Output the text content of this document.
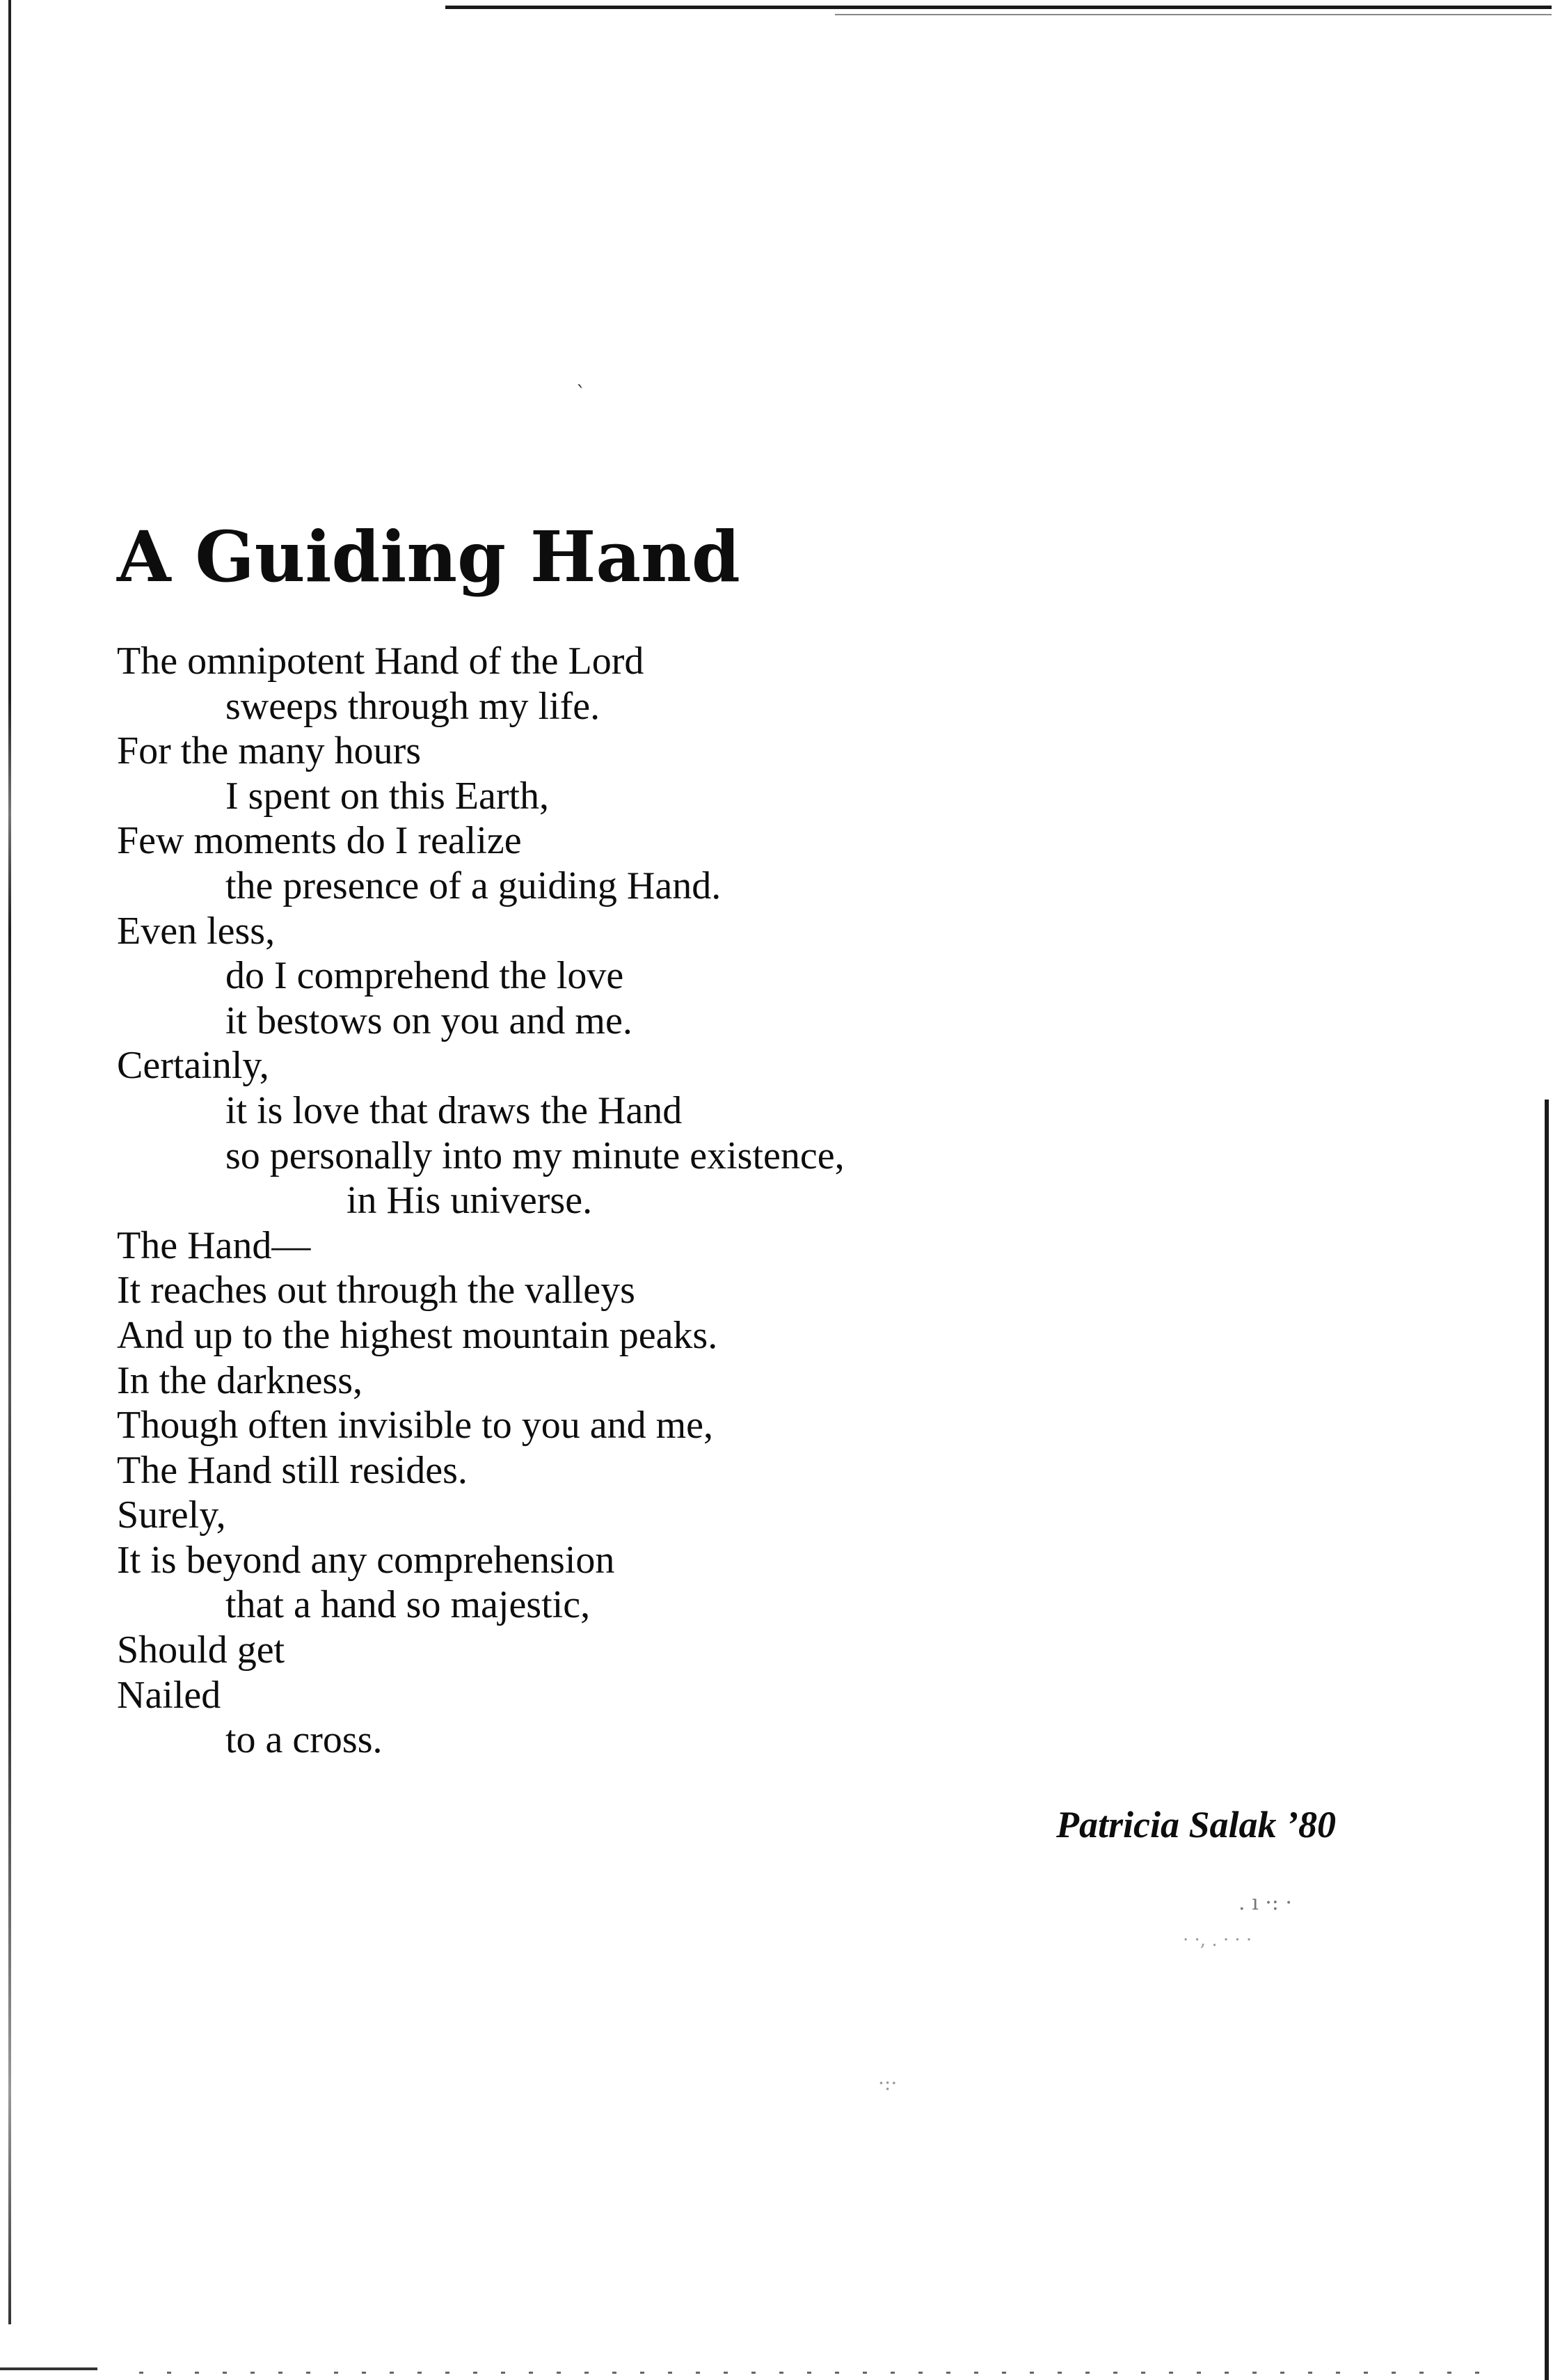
`
. ı ·: ·
· ·, . · · ·
·:·
A Guiding Hand
The omnipotent Hand of the Lord
sweeps through my life.
For the many hours
I spent on this Earth,
Few moments do I realize
the presence of a guiding Hand.
Even less,
do I comprehend the love
it bestows on you and me.
Certainly,
it is love that draws the Hand
so personally into my minute existence,
in His universe.
The Hand—
It reaches out through the valleys
And up to the highest mountain peaks.
In the darkness,
Though often invisible to you and me,
The Hand still resides.
Surely,
It is beyond any comprehension
that a hand so majestic,
Should get
Nailed
to a cross.
Patricia Salak ’80
